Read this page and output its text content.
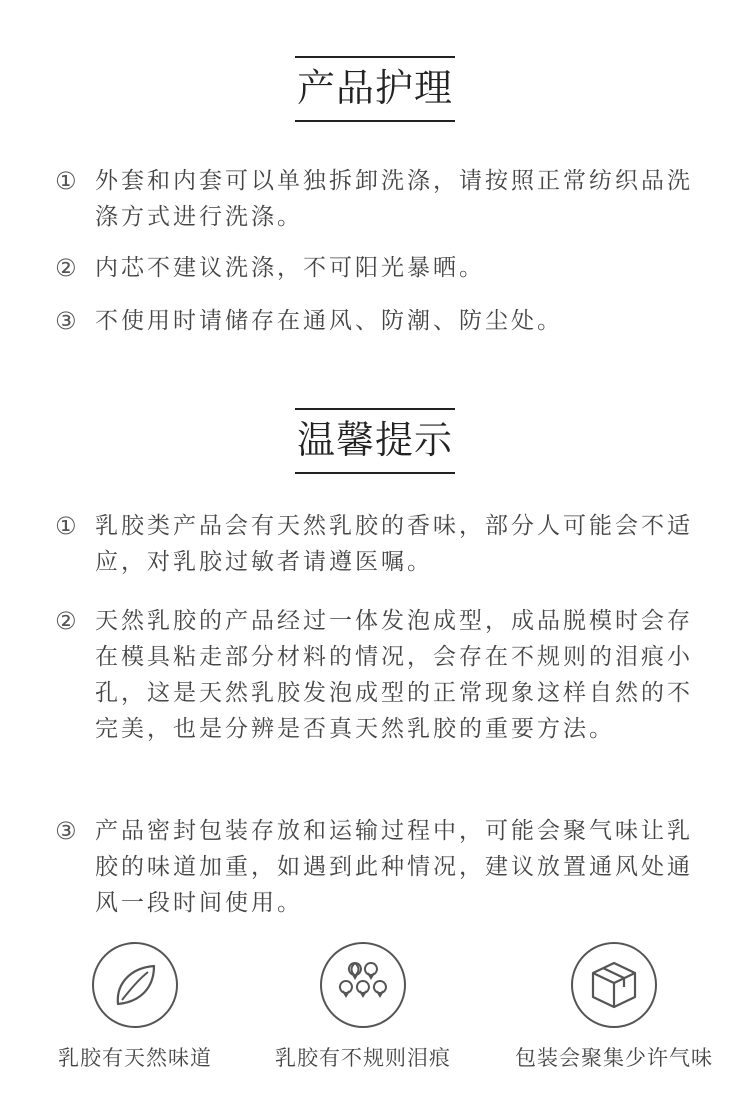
产品护理
① 外套和内套可以单独拆卸洗涤，请按照正常纺织品洗涤方式进行洗涤。
② 内芯不建议洗涤，不可阳光暴晒。
③ 不使用时请储存在通风、防潮、防尘处。
温馨提示
① 乳胶类产品会有天然乳胶的香味，部分人可能会不适应，对乳胶过敏者请遵医嘱。
② 天然乳胶的产品经过一体发泡成型，成品脱模时会存在模具粘走部分材料的情况，会存在不规则的泪痕小孔，这是天然乳胶发泡成型的正常现象这样自然的不完美，也是分辨是否真天然乳胶的重要方法。
③ 产品密封包装存放和运输过程中，可能会聚气味让乳胶的味道加重，如遇到此种情况，建议放置通风处通风一段时间使用。
乳胶有天然味道	乳胶有不规则泪痕	包装会聚集少许气味
